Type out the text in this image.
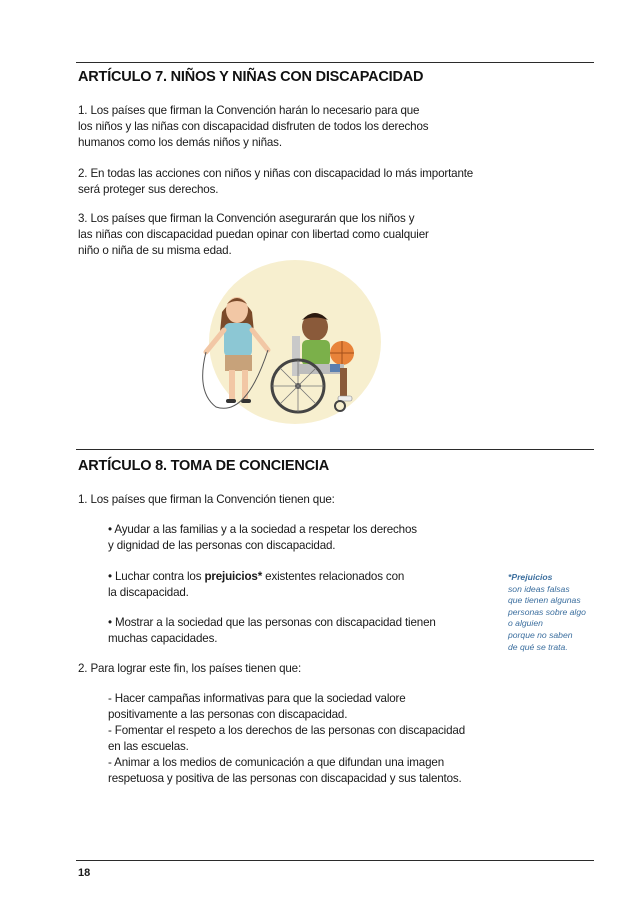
ARTÍCULO 7. NIÑOS Y NIÑAS CON DISCAPACIDAD
1. Los países que firman la Convención harán lo necesario para que
los niños y las niñas con discapacidad disfruten de todos los derechos
humanos como los demás niños y niñas.
2. En todas las acciones con niños y niñas con discapacidad lo más importante
será proteger sus derechos.
3. Los países que firman la Convención asegurarán que los niños y
las niñas con discapacidad puedan opinar con libertad como cualquier
niño o niña de su misma edad.
ARTÍCULO 8. TOMA DE CONCIENCIA
1. Los países que firman la Convención tienen que:
• Ayudar a las familias y a la sociedad a respetar los derechos
y dignidad de las personas con discapacidad.
• Luchar contra los prejuicios* existentes relacionados con
la discapacidad.
• Mostrar a la sociedad que las personas con discapacidad tienen
muchas capacidades.
2. Para lograr este fin, los países tienen que:
- Hacer campañas informativas para que la sociedad valore
positivamente a las personas con discapacidad.
- Fomentar el respeto a los derechos de las personas con discapacidad
en las escuelas.
- Animar a los medios de comunicación a que difundan una imagen
respetuosa y positiva de las personas con discapacidad y sus talentos.
*Prejuicios
son ideas falsas
que tienen algunas
personas sobre algo
o alguien
porque no saben
de qué se trata.
18
